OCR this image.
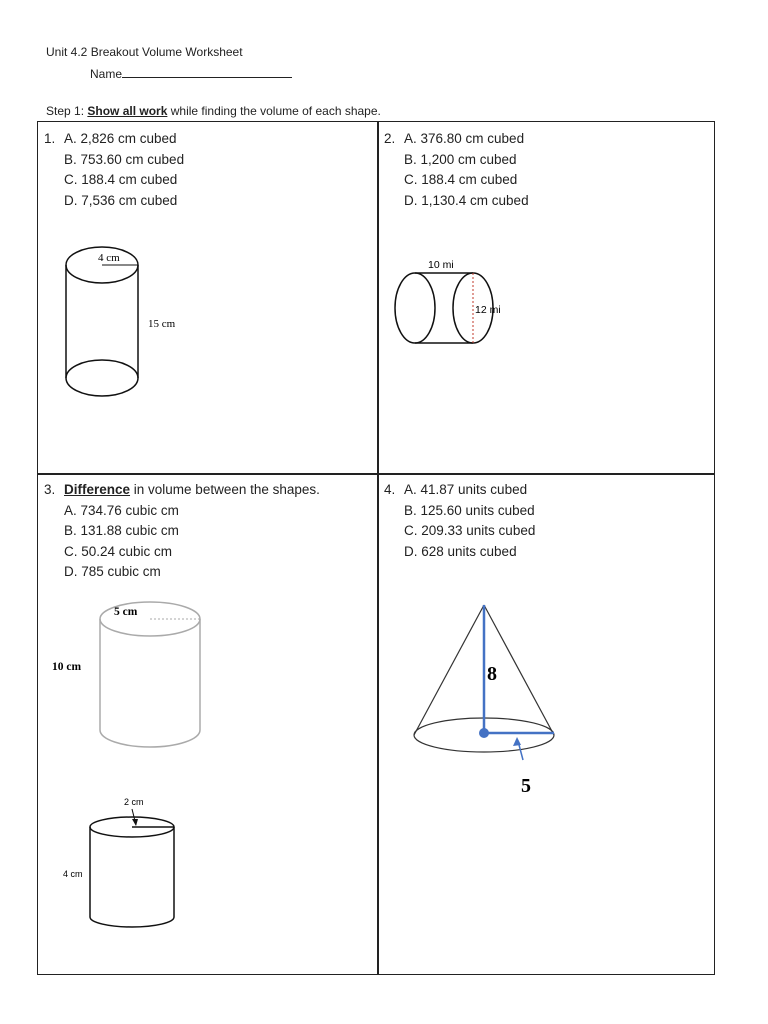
Unit 4.2 Breakout Volume Worksheet
Name
Step 1: Show all work while finding the volume of each shape.
1. A. 2,826 cm cubed
B. 753.60 cm cubed
C. 188.4 cm cubed
D. 7,536 cm cubed
4 cm
15 cm
2. A. 376.80 cm cubed
B. 1,200 cm cubed
C. 188.4 cm cubed
D. 1,130.4 cm cubed
10 mi
12 mi
3. Difference in volume between the shapes.
A. 734.76 cubic cm
B. 131.88 cubic cm
C. 50.24 cubic cm
D. 785 cubic cm
5 cm
10 cm
2 cm
4 cm
4. A. 41.87 units cubed
B. 125.60 units cubed
C. 209.33 units cubed
D. 628 units cubed
8
5
